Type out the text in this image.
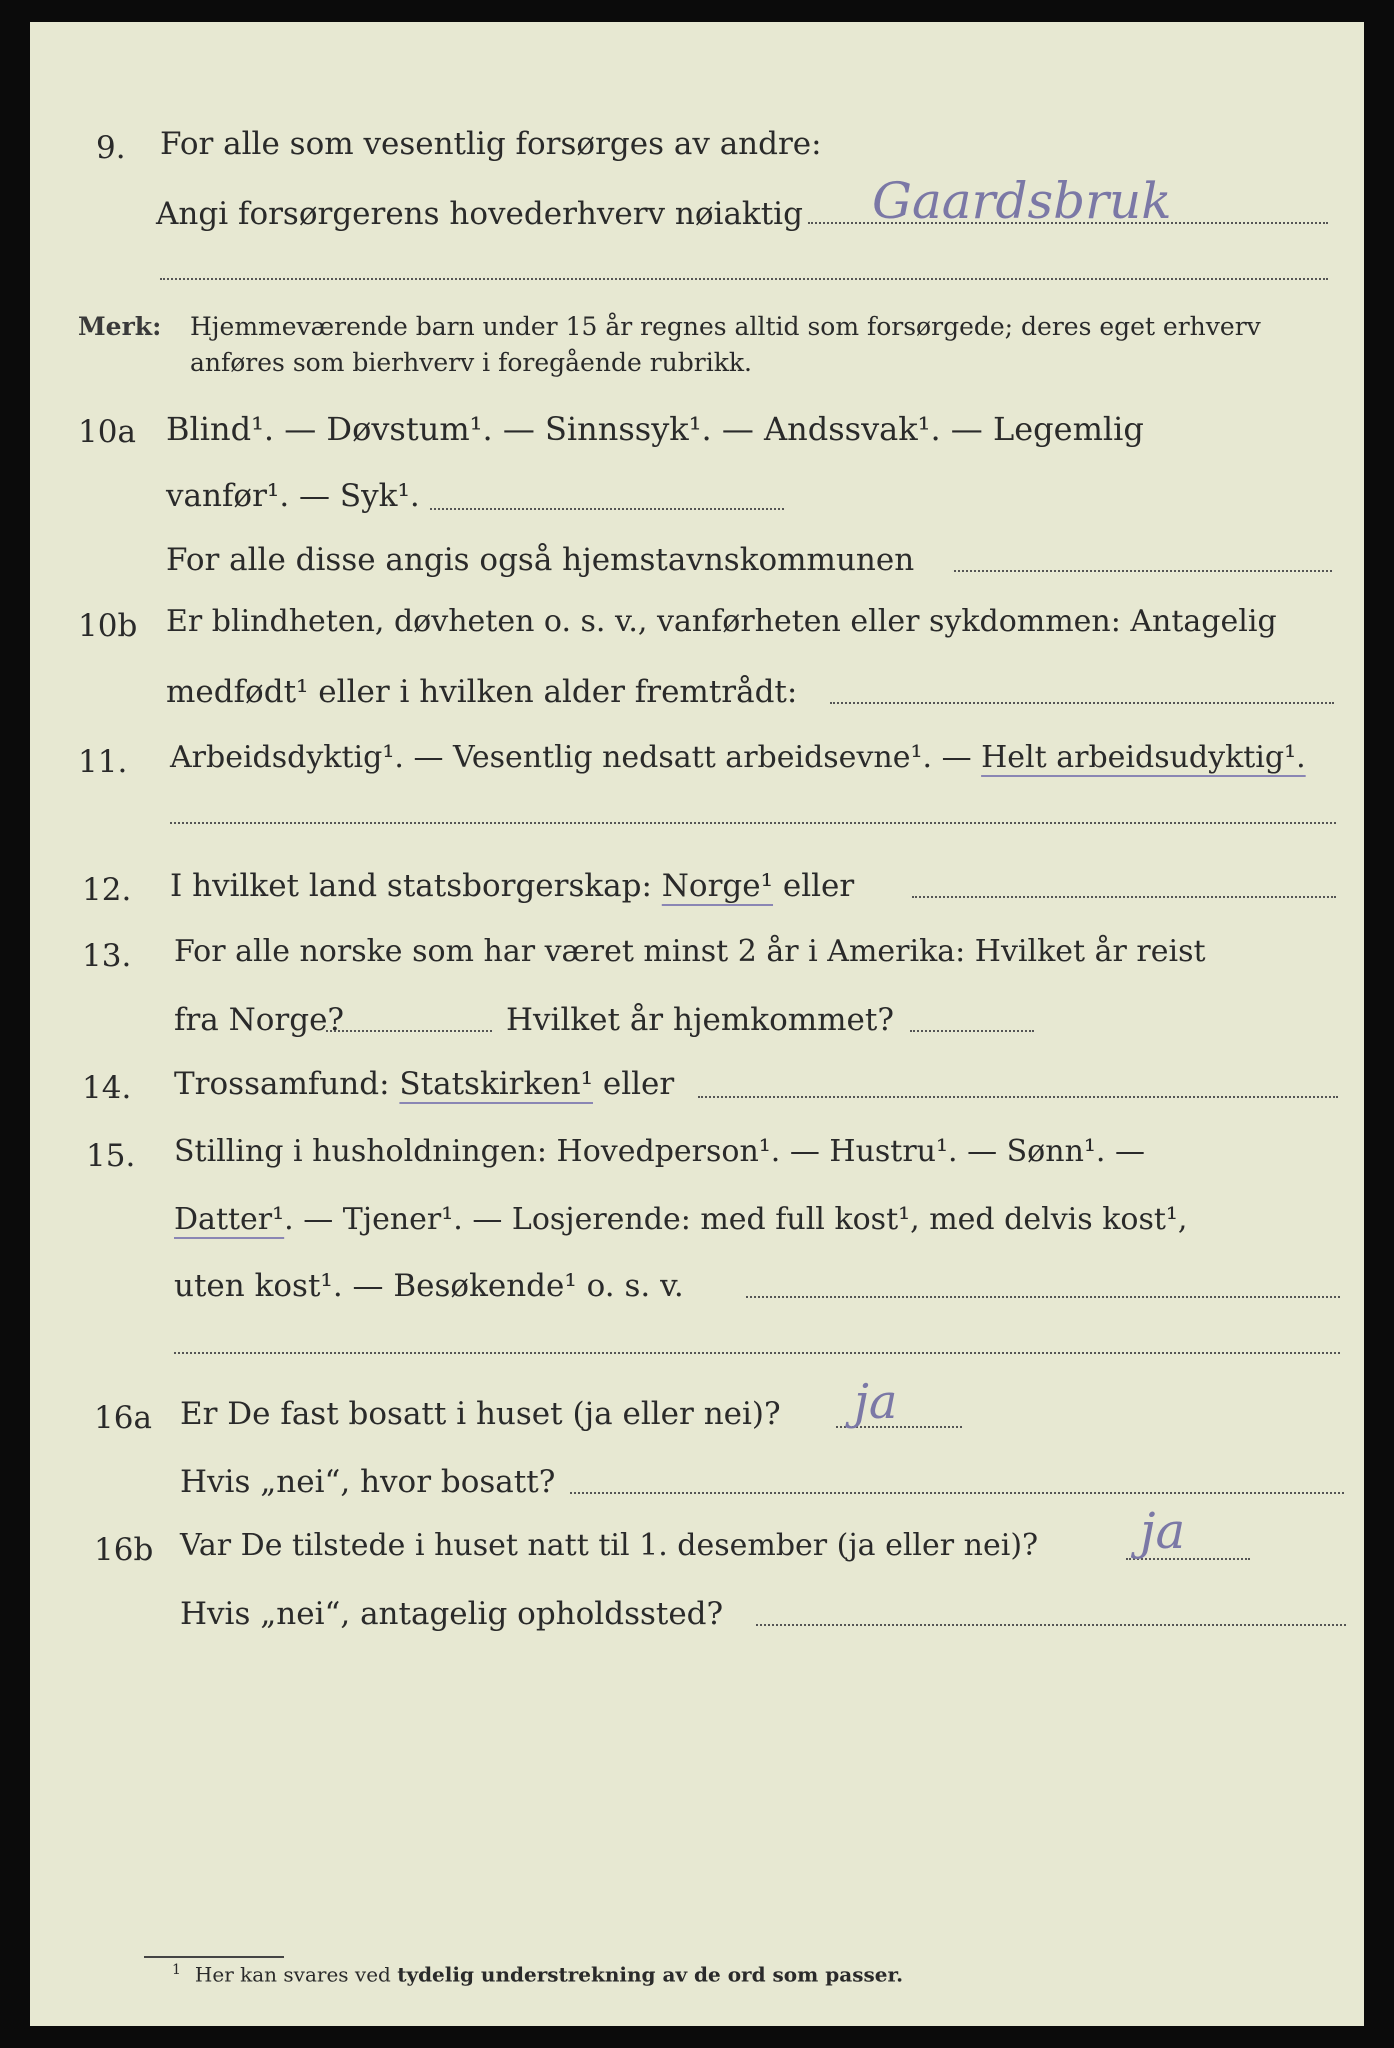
9. For alle som vesentlig forsørges av andre:
Angi forsørgerens hovederhverv nøiaktig Gaardsbruk
Merk: Hjemmeværende barn under 15 år regnes alltid som forsørgede; deres eget erhverv
anføres som bierhverv i foregående rubrikk.
10a Blind¹. — Døvstum¹. — Sinnssyk¹. — Andssvak¹. — Legemlig
vanfør¹. — Syk¹.
For alle disse angis også hjemstavnskommunen
10b Er blindheten, døvheten o. s. v., vanførheten eller sykdommen: Antagelig
medfødt¹ eller i hvilken alder fremtrådt:
11. Arbeidsdyktig¹. — Vesentlig nedsatt arbeidsevne¹. — Helt arbeidsudyktig¹.
12. I hvilket land statsborgerskap: Norge¹ eller
13. For alle norske som har været minst 2 år i Amerika: Hvilket år reist
fra Norge?	Hvilket år hjemkommet?
14. Trossamfund: Statskirken¹ eller
15. Stilling i husholdningen: Hovedperson¹. — Hustru¹. — Sønn¹. —
Datter¹. — Tjener¹. — Losjerende: med full kost¹, med delvis kost¹,
uten kost¹. — Besøkende¹ o. s. v.
16a Er De fast bosatt i huset (ja eller nei)? ja
Hvis „nei“, hvor bosatt?
16b Var De tilstede i huset natt til 1. desember (ja eller nei)? ja
Hvis „nei“, antagelig opholdssted?
$^1$ Her kan svares ved tydelig understrekning av de ord som passer.
